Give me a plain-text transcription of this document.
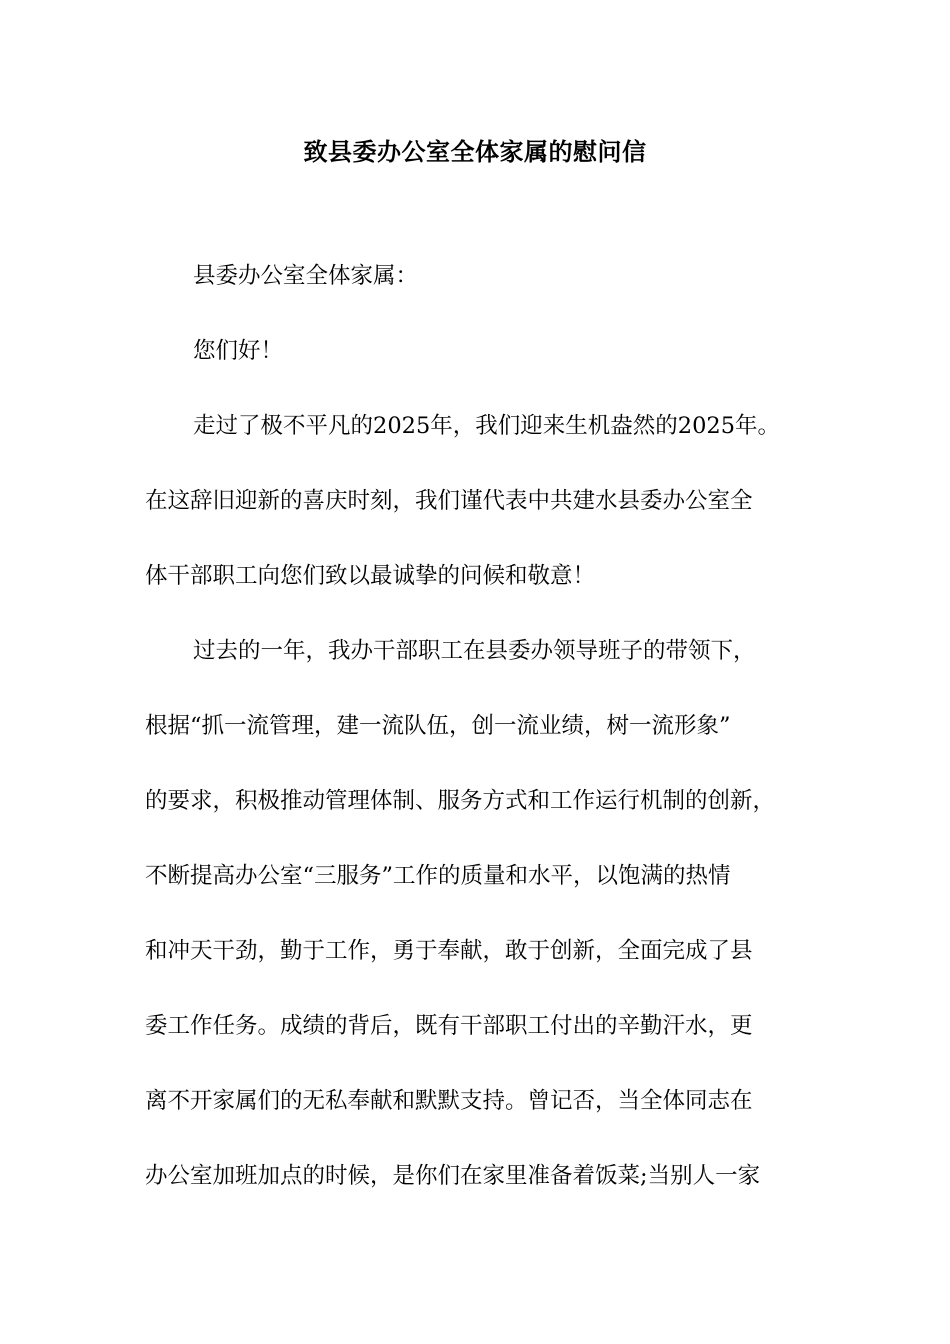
致县委办公室全体家属的慰问信
县委办公室全体家属：
您们好！
走过了极不平凡的2025年，我们迎来生机盎然的2025年。
在这辞旧迎新的喜庆时刻，我们谨代表中共建水县委办公室全
体干部职工向您们致以最诚挚的问候和敬意！
过去的一年，我办干部职工在县委办领导班子的带领下，
根据“抓一流管理，建一流队伍，创一流业绩，树一流形象”
的要求，积极推动管理体制、服务方式和工作运行机制的创新，
不断提高办公室“三服务”工作的质量和水平，以饱满的热情
和冲天干劲，勤于工作，勇于奉献，敢于创新，全面完成了县
委工作任务。成绩的背后，既有干部职工付出的辛勤汗水，更
离不开家属们的无私奉献和默默支持。曾记否，当全体同志在
办公室加班加点的时候，是你们在家里准备着饭菜;当别人一家
